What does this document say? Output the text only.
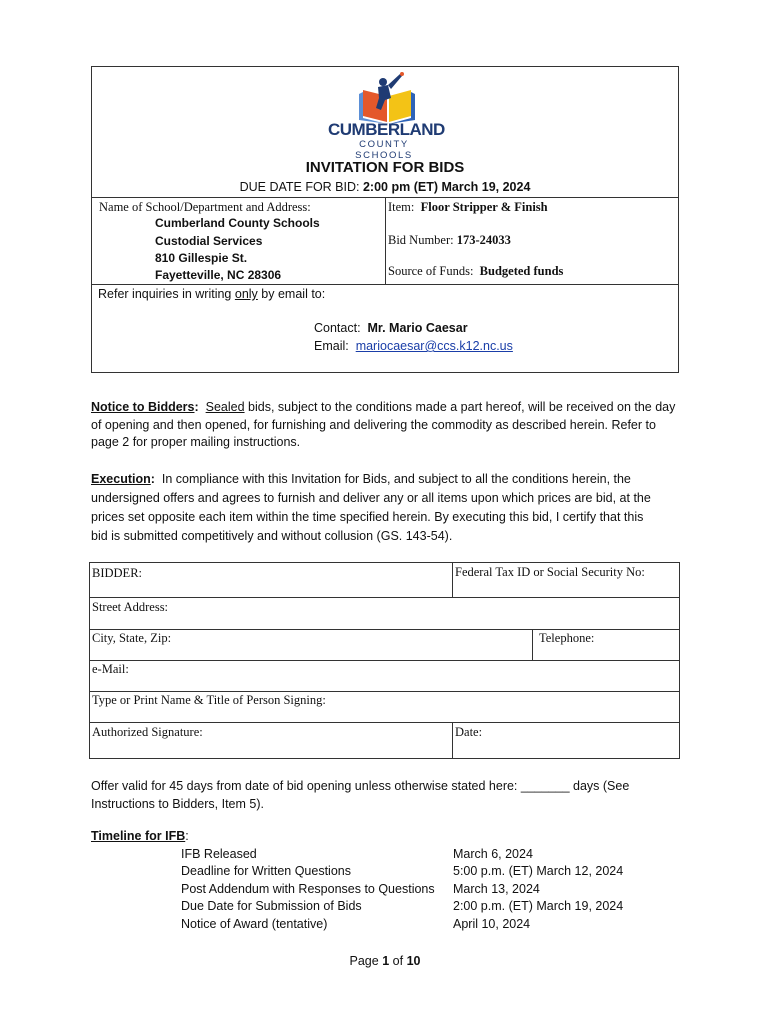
CUMBERLAND
COUNTY SCHOOLS
INVITATION FOR BIDS
DUE DATE FOR BID: 2:00 pm (ET) March 19, 2024
Name of School/Department and Address:
Cumberland County Schools
Custodial Services
810 Gillespie St.
Fayetteville, NC 28306
Item: Floor Stripper & Finish
Bid Number: 173-24033
Source of Funds: Budgeted funds
Refer inquiries in writing only by email to:
Contact: Mr. Mario Caesar
Email: mariocaesar@ccs.k12.nc.us
Notice to Bidders: Sealed bids, subject to the conditions made a part hereof, will be received on the day
of opening and then opened, for furnishing and delivering the commodity as described herein. Refer to
page 2 for proper mailing instructions.
Execution: In compliance with this Invitation for Bids, and subject to all the conditions herein, the
undersigned offers and agrees to furnish and deliver any or all items upon which prices are bid, at the
prices set opposite each item within the time specified herein. By executing this bid, I certify that this
bid is submitted competitively and without collusion (GS. 143-54).
BIDDER:	Federal Tax ID or Social Security No:
Street Address:
City, State, Zip:	Telephone:
e-Mail:
Type or Print Name & Title of Person Signing:
Authorized Signature:	Date:
Offer valid for 45 days from date of bid opening unless otherwise stated here: _______ days (See
Instructions to Bidders, Item 5).
Timeline for IFB:
IFB Released	March 6, 2024
Deadline for Written Questions	5:00 p.m. (ET) March 12, 2024
Post Addendum with Responses to Questions March 13, 2024
Due Date for Submission of Bids	2:00 p.m. (ET) March 19, 2024
Notice of Award (tentative)	April 10, 2024
Page 1 of 10
